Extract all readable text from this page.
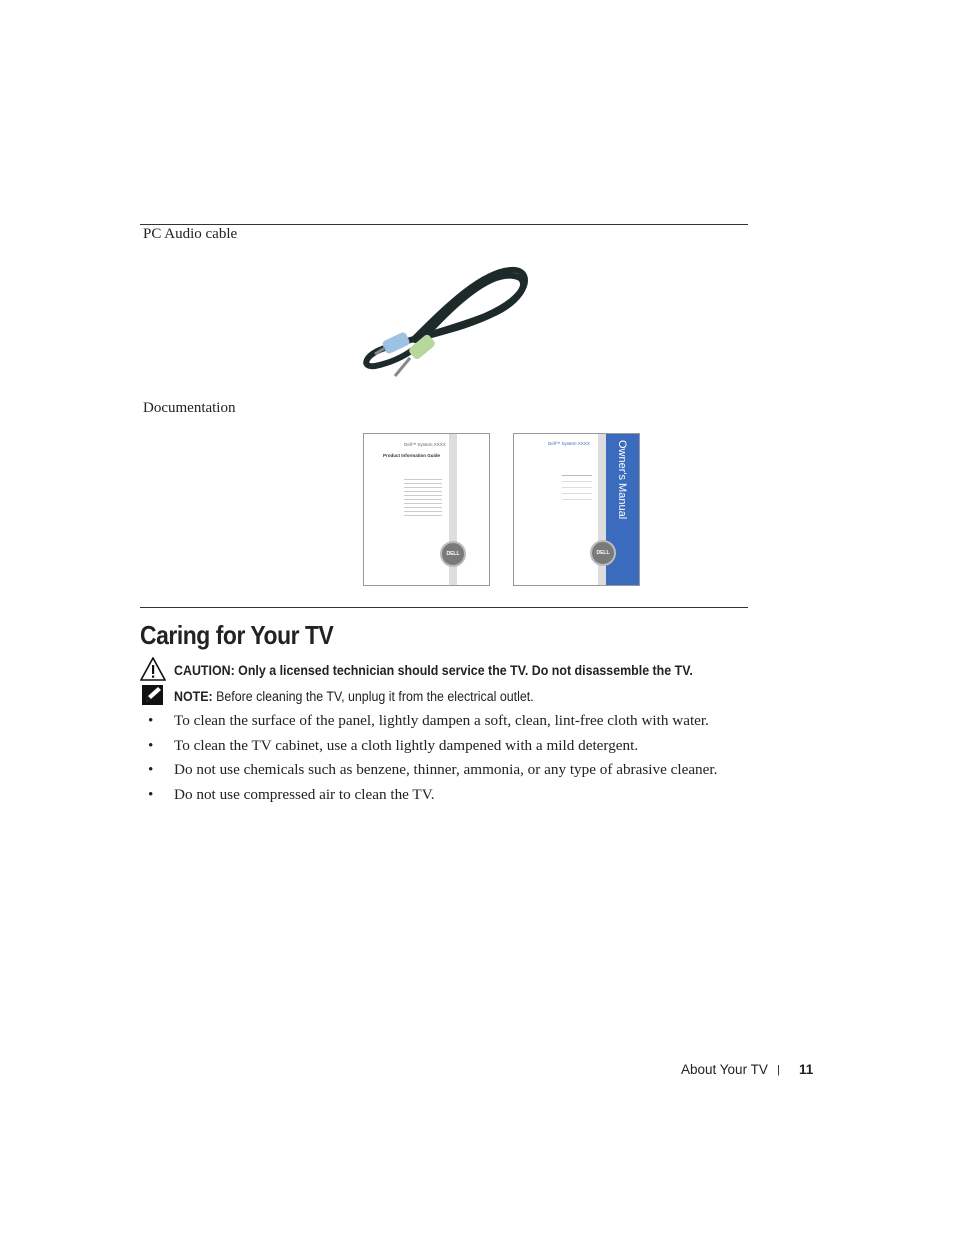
PC Audio cable
Documentation
Dell™ System XXXX
Product Information Guide
DELL
Dell™ System XXXX Owner's Manual
DELL
Caring for Your TV
CAUTION: Only a licensed technician should service the TV. Do not disassemble the TV.
NOTE: Before cleaning the TV, unplug it from the electrical outlet.
• To clean the surface of the panel, lightly dampen a soft, clean, lint-free cloth with water.
• To clean the TV cabinet, use a cloth lightly dampened with a mild detergent.
• Do not use chemicals such as benzene, thinner, ammonia, or any type of abrasive cleaner.
• Do not use compressed air to clean the TV.
About Your TV | 11
